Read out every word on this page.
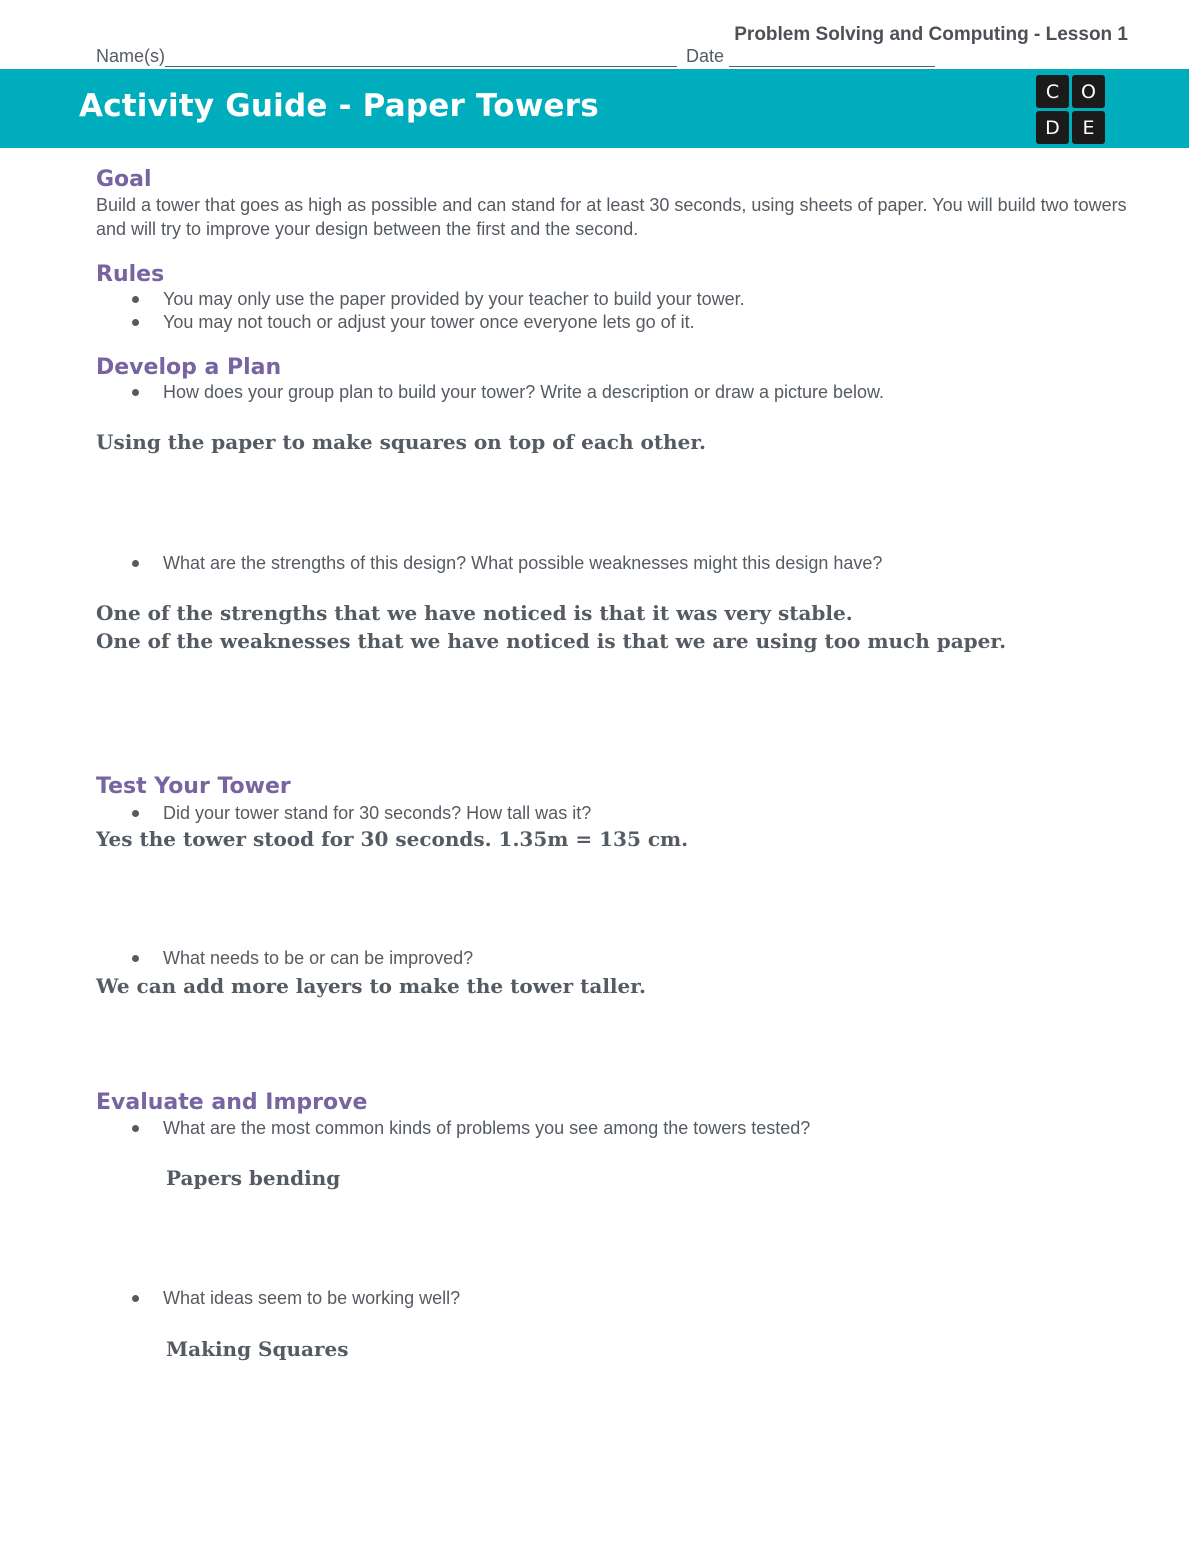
Problem Solving and Computing - Lesson 1
Name(s)	Date
Activity Guide - Paper Towers	C	O
D	E
Goal
Build a tower that goes as high as possible and can stand for at least 30 seconds, using sheets of paper. You will build two towers and will try to improve your design between the first and the second.
Rules
You may only use the paper provided by your teacher to build your tower.
You may not touch or adjust your tower once everyone lets go of it.
Develop a Plan
How does your group plan to build your tower? Write a description or draw a picture below.
Using the paper to make squares on top of each other.
What are the strengths of this design? What possible weaknesses might this design have?
One of the strengths that we have noticed is that it was very stable.
One of the weaknesses that we have noticed is that we are using too much paper.
Test Your Tower
Did your tower stand for 30 seconds? How tall was it?
Yes the tower stood for 30 seconds. 1.35m = 135 cm.
What needs to be or can be improved?
We can add more layers to make the tower taller.
Evaluate and Improve
What are the most common kinds of problems you see among the towers tested?
Papers bending
What ideas seem to be working well?
Making Squares
